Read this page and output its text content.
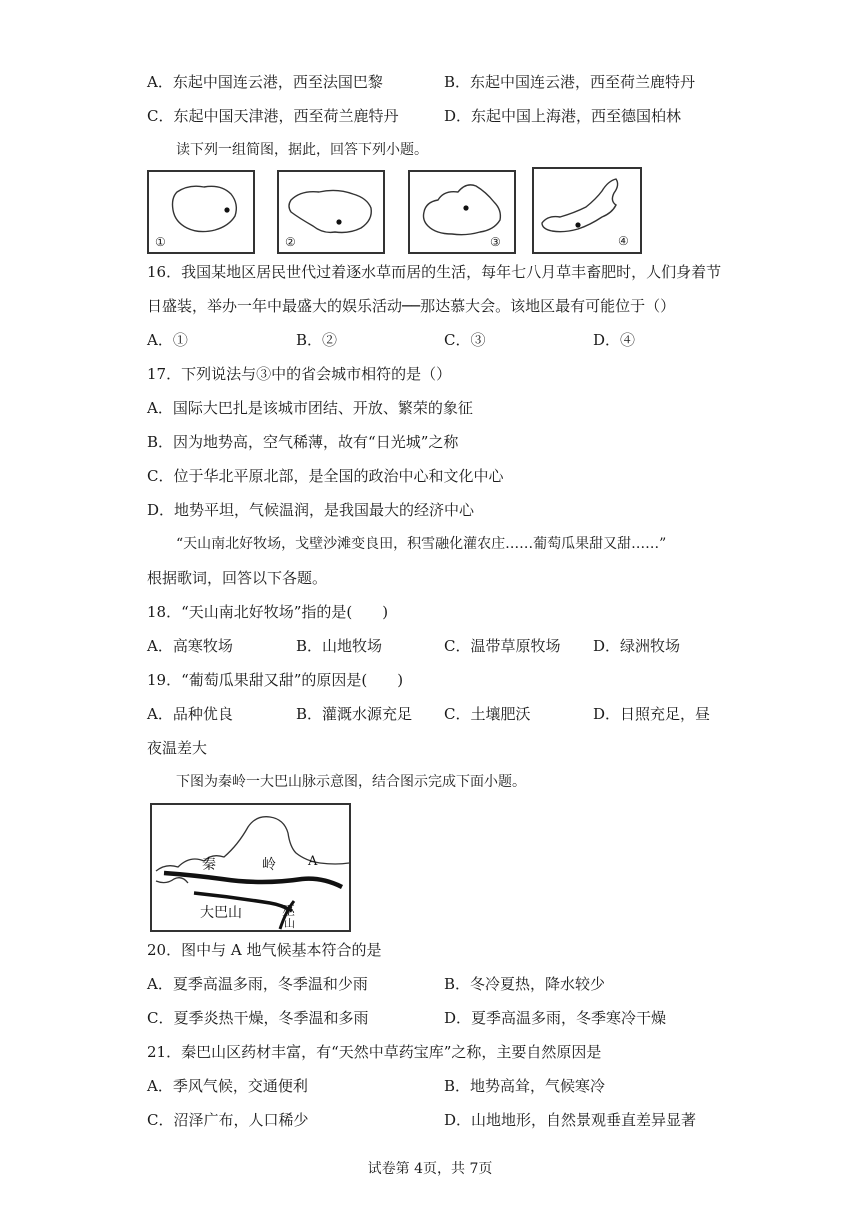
A．东起中国连云港，西至法国巴黎	B．东起中国连云港，西至荷兰鹿特丹
C．东起中国天津港，西至荷兰鹿特丹	D．东起中国上海港，西至德国柏林
读下列一组简图，据此，回答下列小题。
①	②	③	④
16．我国某地区居民世代过着逐水草而居的生活，每年七八月草丰畜肥时，人们身着节
日盛装，举办一年中最盛大的娱乐活动──那达慕大会。该地区最有可能位于（）
A．①	B．②	C．③	D．④
17．下列说法与③中的省会城市相符的是（）
A．国际大巴扎是该城市团结、开放、繁荣的象征
B．因为地势高，空气稀薄，故有“日光城”之称
C．位于华北平原北部，是全国的政治中心和文化中心
D．地势平坦，气候温润，是我国最大的经济中心
“天山南北好牧场，戈壁沙滩变良田，积雪融化灌农庄……葡萄瓜果甜又甜……”
根据歌词，回答以下各题。
18．“天山南北好牧场”指的是(　　)
A．高寒牧场	B．山地牧场	C．温带草原牧场 D．绿洲牧场
19．“葡萄瓜果甜又甜”的原因是(　　)
A．品种优良	B．灌溉水源充足 C．土壤肥沃	D．日照充足，昼
夜温差大
下图为秦岭一大巴山脉示意图，结合图示完成下面小题。
A
秦	岭
大巴山	巫
山
20．图中与 A 地气候基本符合的是
A．夏季高温多雨，冬季温和少雨	B．冬冷夏热，降水较少
C．夏季炎热干燥，冬季温和多雨	D．夏季高温多雨，冬季寒冷干燥
21．秦巴山区药材丰富，有“天然中草药宝库”之称，主要自然原因是
A．季风气候，交通便利	B．地势高耸，气候寒冷
C．沼泽广布，人口稀少	D．山地地形，自然景观垂直差异显著
试卷第 4页，共 7页
